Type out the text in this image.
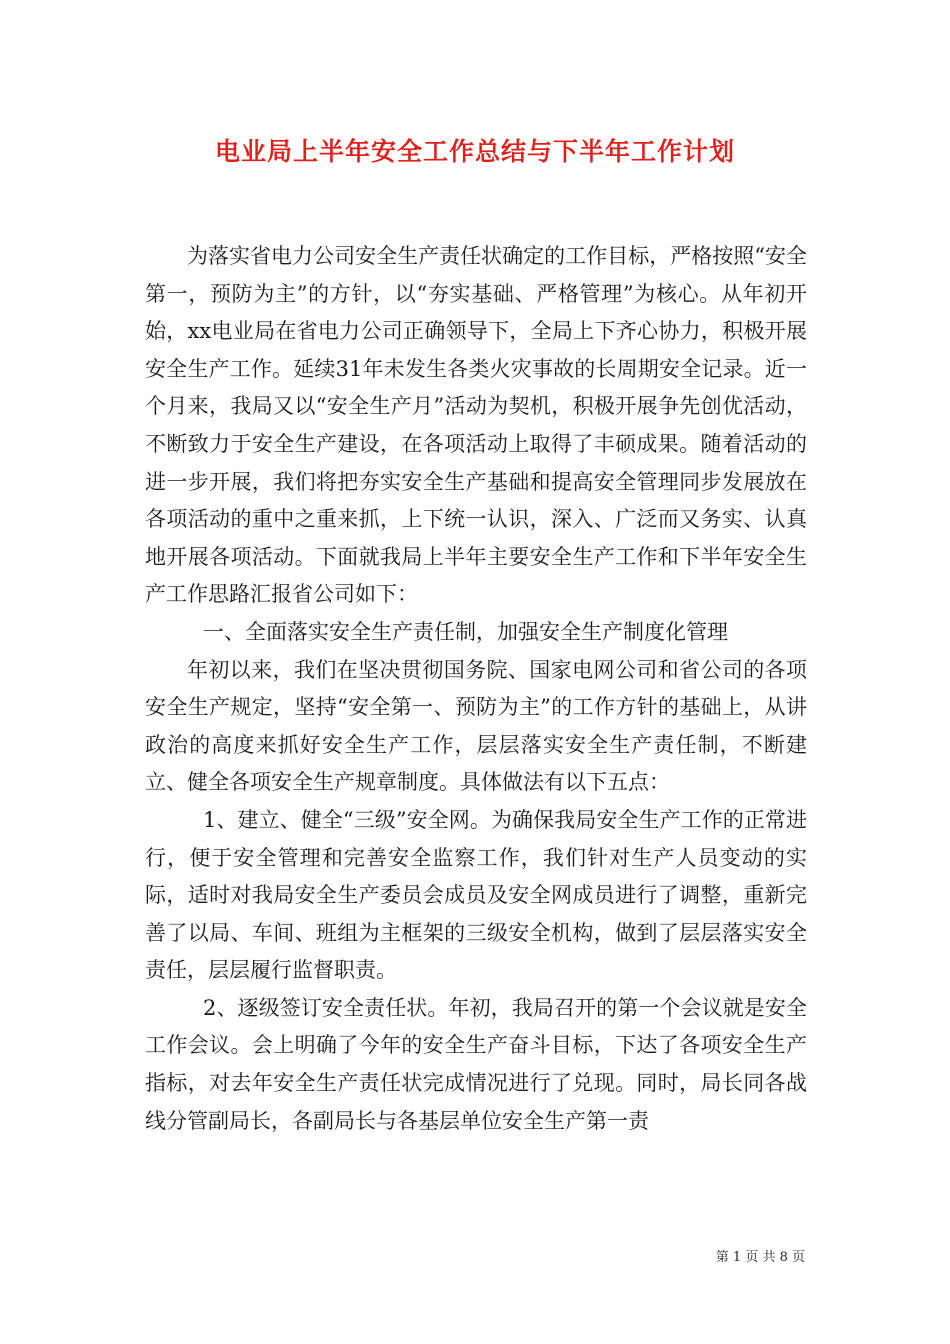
电业局上半年安全工作总结与下半年工作计划

为落实省电力公司安全生产责任状确定的工作目标，严格按照“安全第一，预防为主”的方针，以“夯实基础、严格管理”为核心。从年初开始，xx电业局在省电力公司正确领导下，全局上下齐心协力，积极开展安全生产工作。延续31年未发生各类火灾事故的长周期安全记录。近一个月来，我局又以“安全生产月”活动为契机，积极开展争先创优活动，不断致力于安全生产建设，在各项活动上取得了丰硕成果。随着活动的进一步开展，我们将把夯实安全生产基础和提高安全管理同步发展放在各项活动的重中之重来抓，上下统一认识，深入、广泛而又务实、认真地开展各项活动。下面就我局上半年主要安全生产工作和下半年安全生产工作思路汇报省公司如下：

一、全面落实安全生产责任制，加强安全生产制度化管理

年初以来，我们在坚决贯彻国务院、国家电网公司和省公司的各项安全生产规定，坚持“安全第一、预防为主”的工作方针的基础上，从讲政治的高度来抓好安全生产工作，层层落实安全生产责任制，不断建立、健全各项安全生产规章制度。具体做法有以下五点：

1、建立、健全“三级”安全网。为确保我局安全生产工作的正常进行，便于安全管理和完善安全监察工作，我们针对生产人员变动的实际，适时对我局安全生产委员会成员及安全网成员进行了调整，重新完善了以局、车间、班组为主框架的三级安全机构，做到了层层落实安全责任，层层履行监督职责。

2、逐级签订安全责任状。年初，我局召开的第一个会议就是安全工作会议。会上明确了今年的安全生产奋斗目标，下达了各项安全生产指标，对去年安全生产责任状完成情况进行了兑现。同时，局长同各战线分管副局长，各副局长与各基层单位安全生产第一责

第 1 页 共 8 页
